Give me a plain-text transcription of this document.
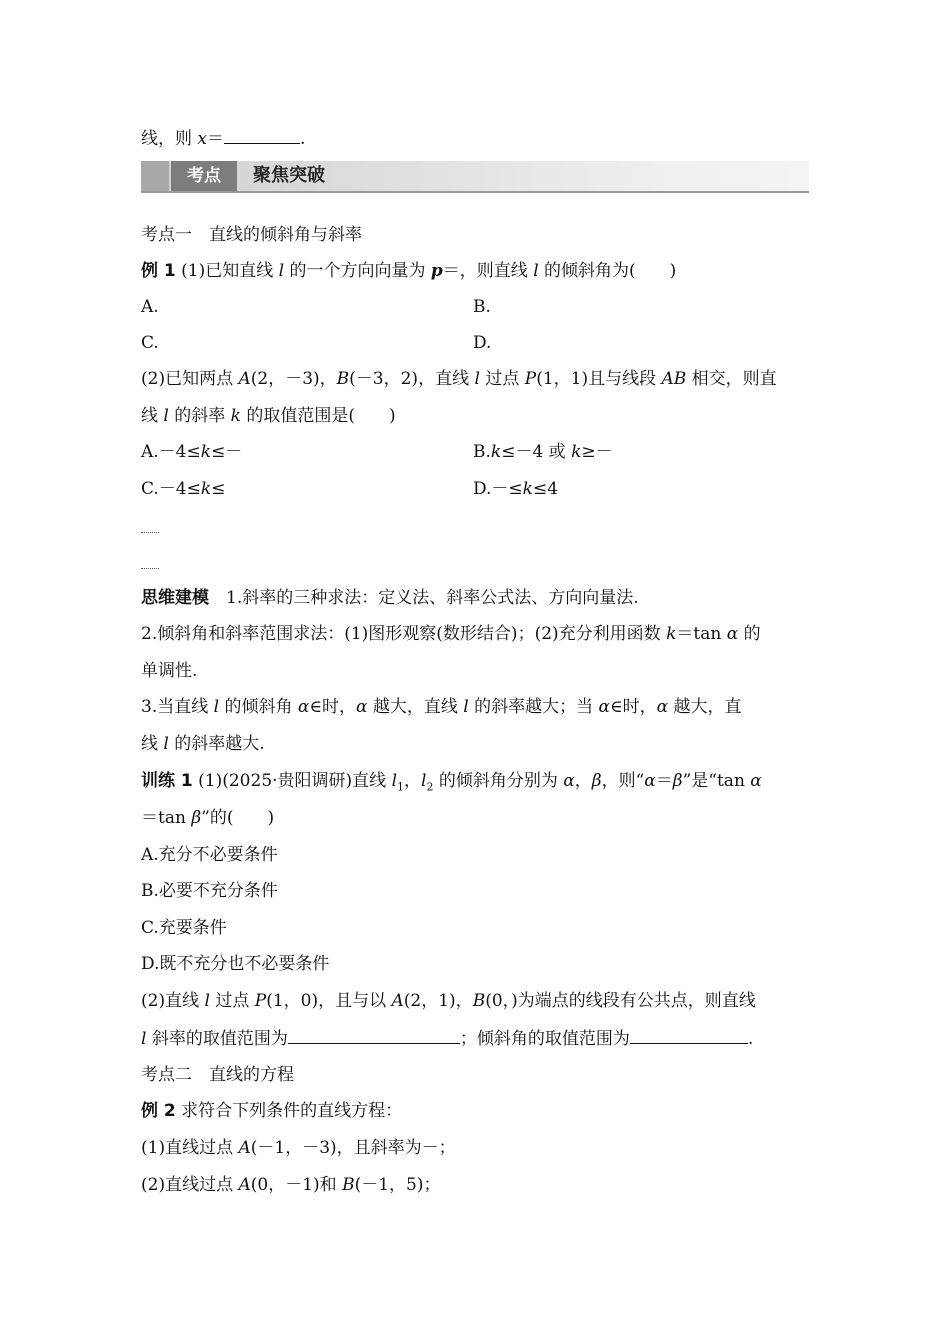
线，则 x＝	.
考点	聚焦突破
考点一　直线的倾斜角与斜率
例 1 (1)已知直线 l 的一个方向向量为 p＝，则直线 l 的倾斜角为(　　)
A.	B.
C.	D.
(2)已知两点 A(2，－3)，B(－3，2)，直线 l 过点 P(1，1)且与线段 AB 相交，则直
线 l 的斜率 k 的取值范围是(　　)
A.－4≤k≤－	B.k≤－4 或 k≥－
C.－4≤k≤	D.－≤k≤4
思维建模　1.斜率的三种求法：定义法、斜率公式法、方向向量法.
2.倾斜角和斜率范围求法：(1)图形观察(数形结合)；(2)充分利用函数 k＝tan α 的
单调性.
3.当直线 l 的倾斜角 α∈时，α 越大，直线 l 的斜率越大；当 α∈时，α 越大，直
线 l 的斜率越大.
训练 1 (1)(2025·贵阳调研)直线 $l_1$，$l_2$ 的倾斜角分别为 α，β，则“α＝β”是“tan α
＝tan β”的(　　)
A.充分不必要条件
B.必要不充分条件
C.充要条件
D.既不充分也不必要条件
(2)直线 l 过点 P(1，0)，且与以 A(2，1)，B(0，)为端点的线段有公共点，则直线
l 斜率的取值范围为	；倾斜角的取值范围为	.
考点二　直线的方程
例 2 求符合下列条件的直线方程：
(1)直线过点 A(－1，－3)，且斜率为－；
(2)直线过点 A(0，－1)和 B(－1，5)；
